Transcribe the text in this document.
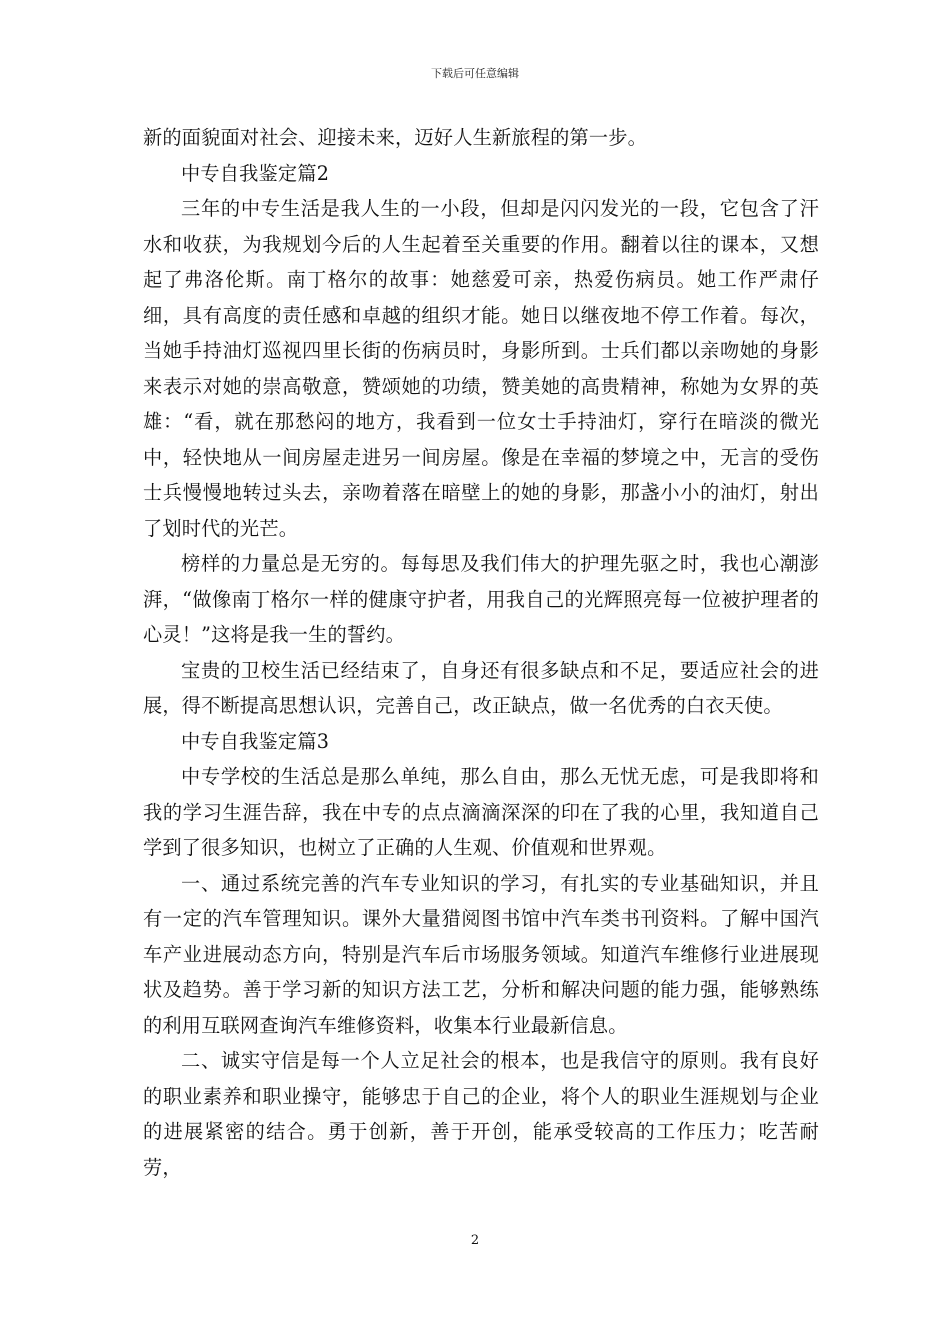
下载后可任意编辑

新的面貌面对社会、迎接未来，迈好人生新旅程的第一步。

中专自我鉴定篇2

三年的中专生活是我人生的一小段，但却是闪闪发光的一段，它包含了汗水和收获，为我规划今后的人生起着至关重要的作用。翻着以往的课本，又想起了弗洛伦斯。南丁格尔的故事：她慈爱可亲，热爱伤病员。她工作严肃仔细，具有高度的责任感和卓越的组织才能。她日以继夜地不停工作着。每次，当她手持油灯巡视四里长街的伤病员时，身影所到。士兵们都以亲吻她的身影来表示对她的崇高敬意，赞颂她的功绩，赞美她的高贵精神，称她为女界的英雄：“看，就在那愁闷的地方，我看到一位女士手持油灯，穿行在暗淡的微光中，轻快地从一间房屋走进另一间房屋。像是在幸福的梦境之中，无言的受伤士兵慢慢地转过头去，亲吻着落在暗壁上的她的身影，那盏小小的油灯，射出了划时代的光芒。

榜样的力量总是无穷的。每每思及我们伟大的护理先驱之时，我也心潮澎湃，“做像南丁格尔一样的健康守护者，用我自己的光辉照亮每一位被护理者的心灵！”这将是我一生的誓约。

宝贵的卫校生活已经结束了，自身还有很多缺点和不足，要适应社会的进展，得不断提高思想认识，完善自己，改正缺点，做一名优秀的白衣天使。

中专自我鉴定篇3

中专学校的生活总是那么单纯，那么自由，那么无忧无虑，可是我即将和我的学习生涯告辞，我在中专的点点滴滴深深的印在了我的心里，我知道自己学到了很多知识，也树立了正确的人生观、价值观和世界观。

一、通过系统完善的汽车专业知识的学习，有扎实的专业基础知识，并且有一定的汽车管理知识。课外大量猎阅图书馆中汽车类书刊资料。了解中国汽车产业进展动态方向，特别是汽车后市场服务领域。知道汽车维修行业进展现状及趋势。善于学习新的知识方法工艺，分析和解决问题的能力强，能够熟练的利用互联网查询汽车维修资料，收集本行业最新信息。

二、诚实守信是每一个人立足社会的根本，也是我信守的原则。我有良好的职业素养和职业操守，能够忠于自己的企业，将个人的职业生涯规划与企业的进展紧密的结合。勇于创新，善于开创，能承受较高的工作压力；吃苦耐劳，

2
